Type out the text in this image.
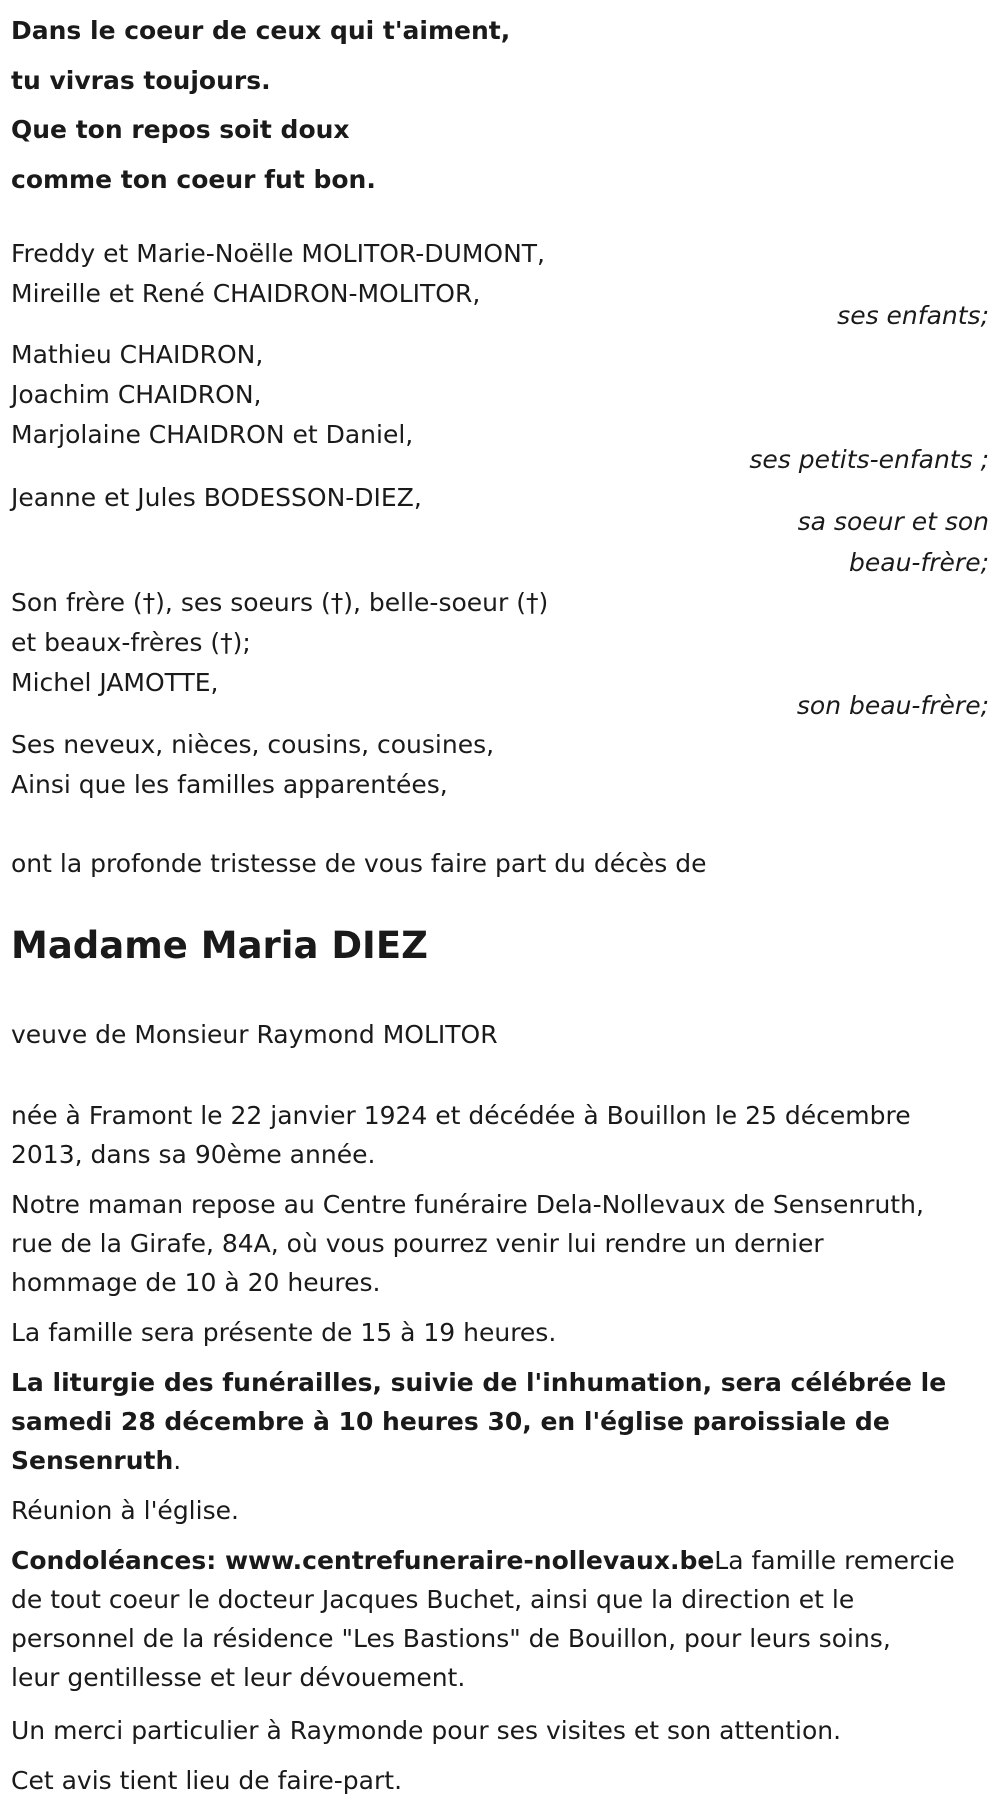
Dans le coeur de ceux qui t'aiment,
tu vivras toujours.
Que ton repos soit doux
comme ton coeur fut bon.
Freddy et Marie-Noëlle MOLITOR-DUMONT,
Mireille et René CHAIDRON-MOLITOR,
ses enfants;
Mathieu CHAIDRON,
Joachim CHAIDRON,
Marjolaine CHAIDRON et Daniel,
ses petits-enfants ;
Jeanne et Jules BODESSON-DIEZ,
sa soeur et son
beau-frère;
Son frère (†), ses soeurs (†), belle-soeur (†)
et beaux-frères (†);
Michel JAMOTTE,
son beau-frère;
Ses neveux, nièces, cousins, cousines,
Ainsi que les familles apparentées,
ont la profonde tristesse de vous faire part du décès de
Madame Maria DIEZ
veuve de Monsieur Raymond MOLITOR
née à Framont le 22 janvier 1924 et décédée à Bouillon le 25 décembre
2013, dans sa 90ème année.
Notre maman repose au Centre funéraire Dela-Nollevaux de Sensenruth,
rue de la Girafe, 84A, où vous pourrez venir lui rendre un dernier
hommage de 10 à 20 heures.
La famille sera présente de 15 à 19 heures.
La liturgie des funérailles, suivie de l'inhumation, sera célébrée le
samedi 28 décembre à 10 heures 30, en l'église paroissiale de
Sensenruth.
Réunion à l'église.
Condoléances: www.centrefuneraire-nollevaux.beLa famille remercie
de tout coeur le docteur Jacques Buchet, ainsi que la direction et le
personnel de la résidence "Les Bastions" de Bouillon, pour leurs soins,
leur gentillesse et leur dévouement.
Un merci particulier à Raymonde pour ses visites et son attention.
Cet avis tient lieu de faire-part.
